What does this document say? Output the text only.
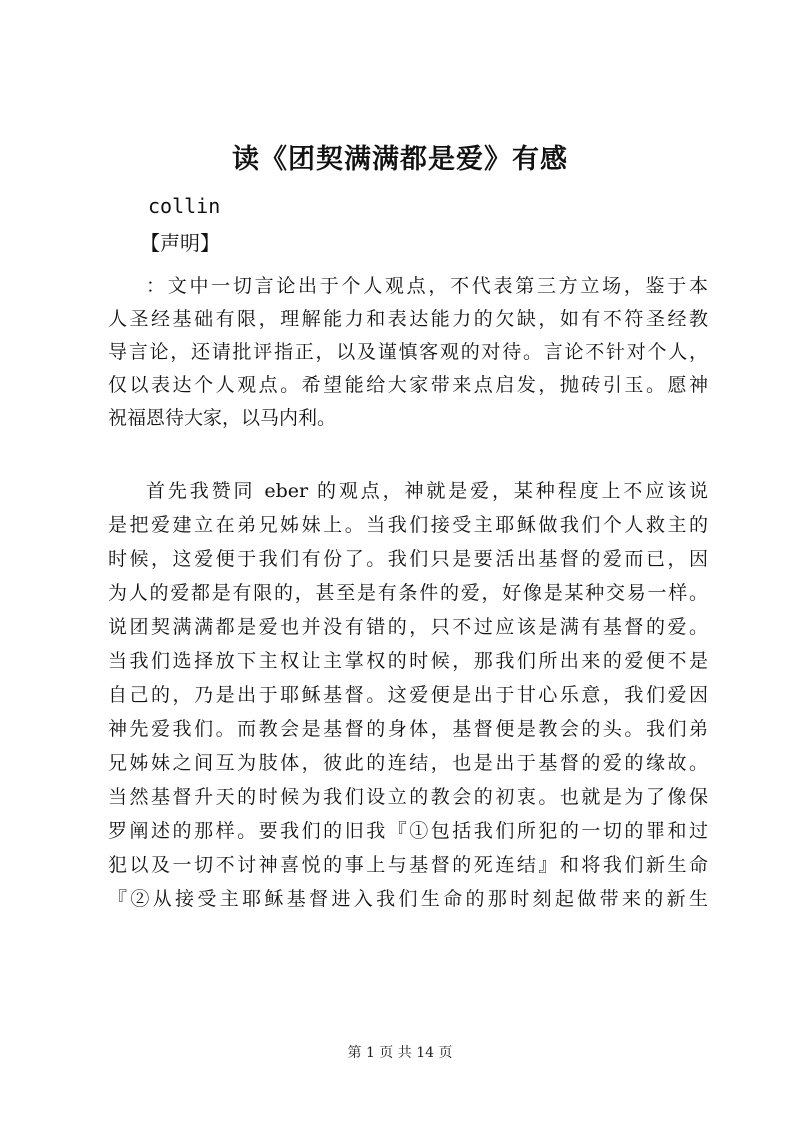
读《团契满满都是爱》有感
collin
【声明】
：文中一切言论出于个人观点，不代表第三方立场，鉴于本
人圣经基础有限，理解能力和表达能力的欠缺，如有不符圣经教
导言论，还请批评指正，以及谨慎客观的对待。言论不针对个人，
仅以表达个人观点。希望能给大家带来点启发，抛砖引玉。愿神
祝福恩待大家，以马内利。
首先我赞同 eber 的观点，神就是爱，某种程度上不应该说
是把爱建立在弟兄姊妹上。当我们接受主耶稣做我们个人救主的
时候，这爱便于我们有份了。我们只是要活出基督的爱而已，因
为人的爱都是有限的，甚至是有条件的爱，好像是某种交易一样。
说团契满满都是爱也并没有错的，只不过应该是满有基督的爱。
当我们选择放下主权让主掌权的时候，那我们所出来的爱便不是
自己的，乃是出于耶稣基督。这爱便是出于甘心乐意，我们爱因
神先爱我们。而教会是基督的身体，基督便是教会的头。我们弟
兄姊妹之间互为肢体，彼此的连结，也是出于基督的爱的缘故。
当然基督升天的时候为我们设立的教会的初衷。也就是为了像保
罗阐述的那样。要我们的旧我『①包括我们所犯的一切的罪和过
犯以及一切不讨神喜悦的事上与基督的死连结』和将我们新生命
『②从接受主耶稣基督进入我们生命的那时刻起做带来的新生
第 1 页 共 14 页
